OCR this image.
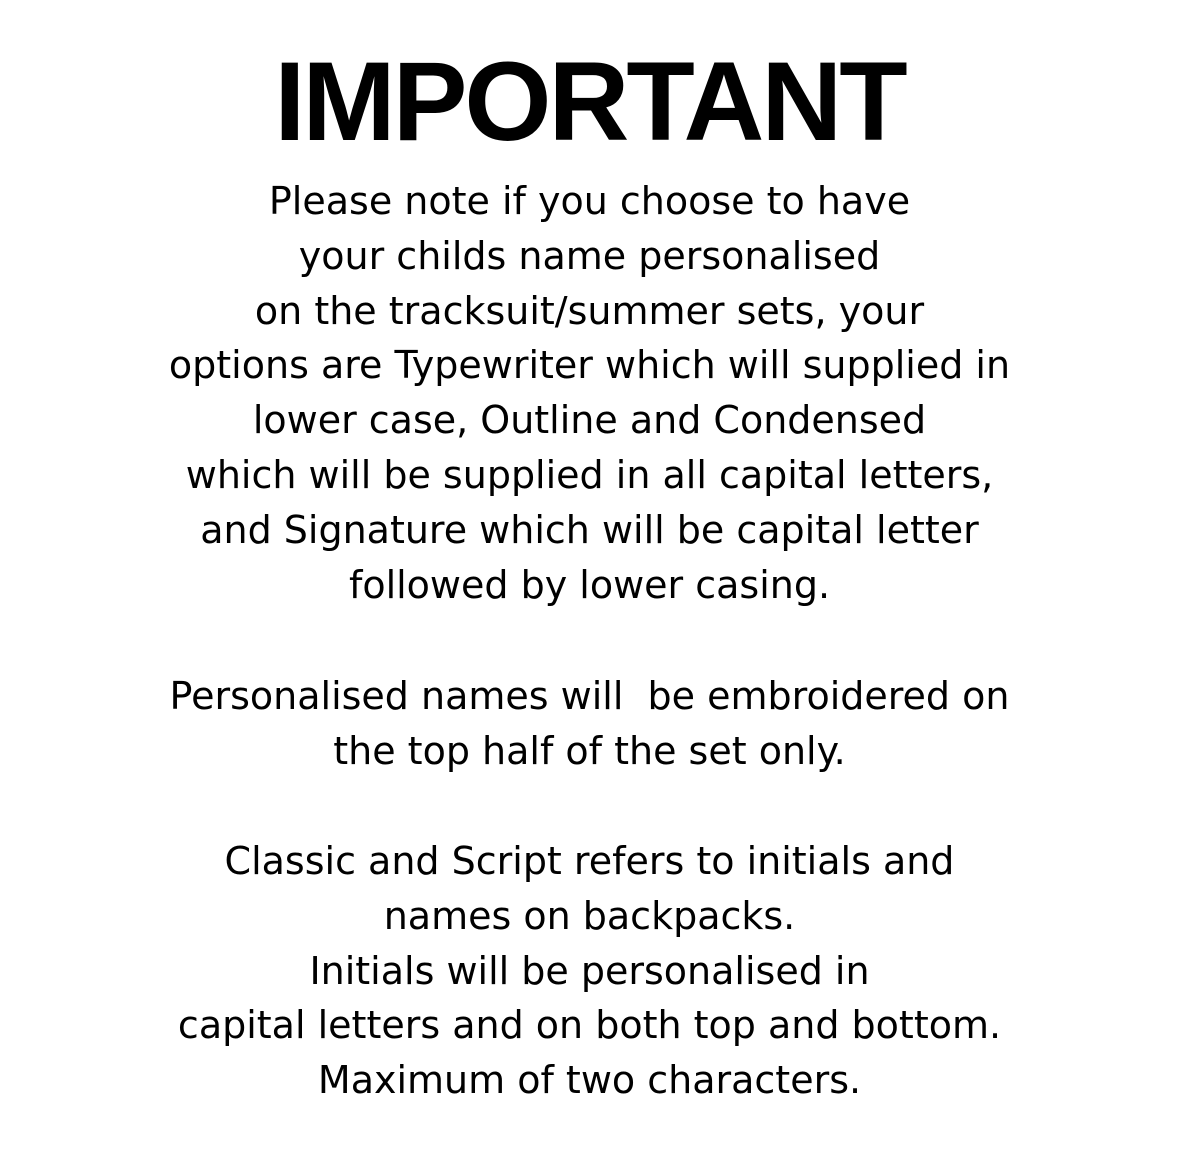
IMPORTANT

Please note if you choose to have
your childs name personalised
on the tracksuit/summer sets, your
options are Typewriter which will supplied in
lower case, Outline and Condensed
which will be supplied in all capital letters,
and Signature which will be capital letter
followed by lower casing.

Personalised names will  be embroidered on
the top half of the set only.

Classic and Script refers to initials and
names on backpacks.
Initials will be personalised in
capital letters and on both top and bottom.
Maximum of two characters.
